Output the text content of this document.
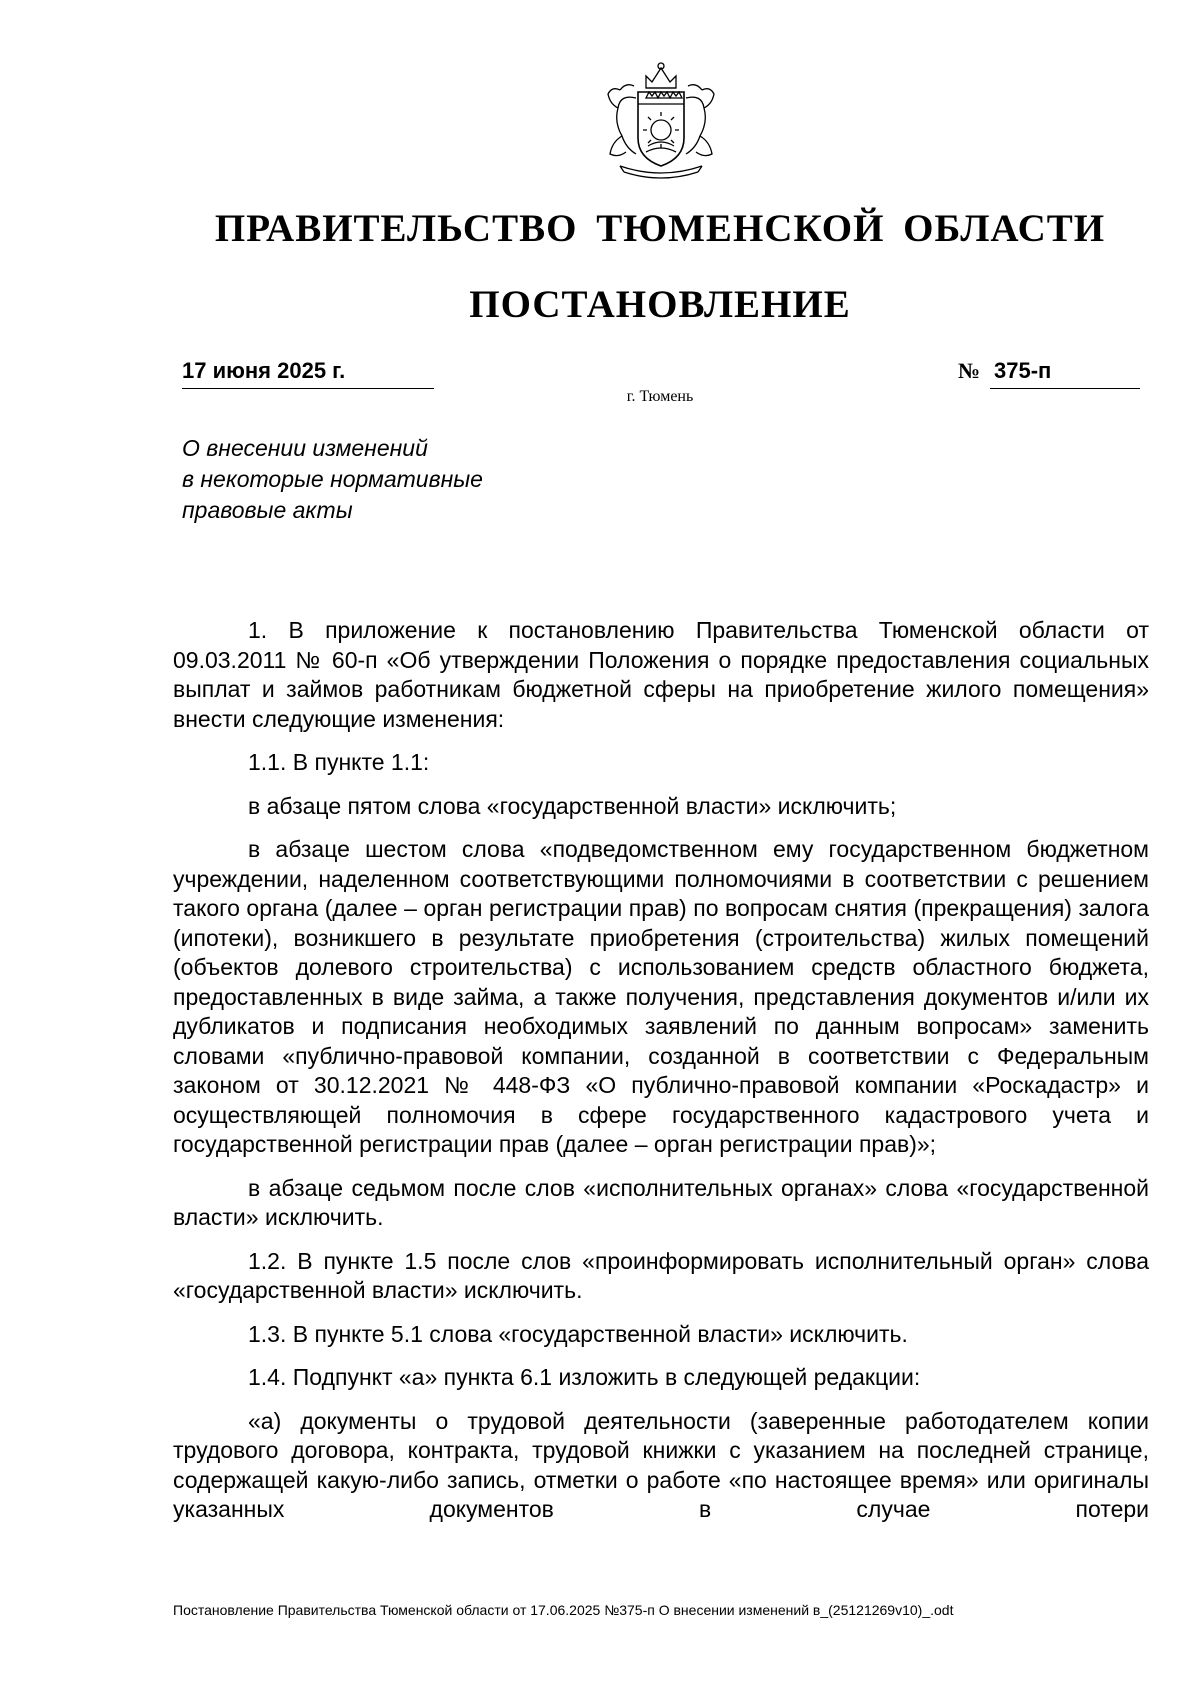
ПРАВИТЕЛЬСТВО ТЮМЕНСКОЙ ОБЛАСТИ
ПОСТАНОВЛЕНИЕ
17 июня 2025 г.	№ 375-п
г. Тюмень
О внесении изменений
в некоторые нормативные
правовые акты

1. В приложение к постановлению Правительства Тюменской области от 09.03.2011 № 60-п «Об утверждении Положения о порядке предоставления социальных выплат и займов работникам бюджетной сферы на приобретение жилого помещения» внести следующие изменения:

1.1. В пункте 1.1:

в абзаце пятом слова «государственной власти» исключить;

в абзаце шестом слова «подведомственном ему государственном бюджетном учреждении, наделенном соответствующими полномочиями в соответствии с решением такого органа (далее – орган регистрации прав) по вопросам снятия (прекращения) залога (ипотеки), возникшего в результате приобретения (строительства) жилых помещений (объектов долевого строительства) с использованием средств областного бюджета, предоставленных в виде займа, а также получения, представления документов и/или их дубликатов и подписания необходимых заявлений по данным вопросам» заменить словами «публично-правовой компании, созданной в соответствии с Федеральным законом от 30.12.2021 № 448-ФЗ «О публично-правовой компании «Роскадастр» и осуществляющей полномочия в сфере государственного кадастрового учета и государственной регистрации прав (далее – орган регистрации прав)»;

в абзаце седьмом после слов «исполнительных органах» слова «государственной власти» исключить.

1.2. В пункте 1.5 после слов «проинформировать исполнительный орган» слова «государственной власти» исключить.

1.3. В пункте 5.1 слова «государственной власти» исключить.

1.4. Подпункт «а» пункта 6.1 изложить в следующей редакции:

«а) документы о трудовой деятельности (заверенные работодателем копии трудового договора, контракта, трудовой книжки с указанием на последней странице, содержащей какую-либо запись, отметки о работе «по настоящее время» или оригиналы указанных документов в случае потери

Постановление Правительства Тюменской области от 17.06.2025 №375-п О внесении изменений в_(25121269v10)_.odt
